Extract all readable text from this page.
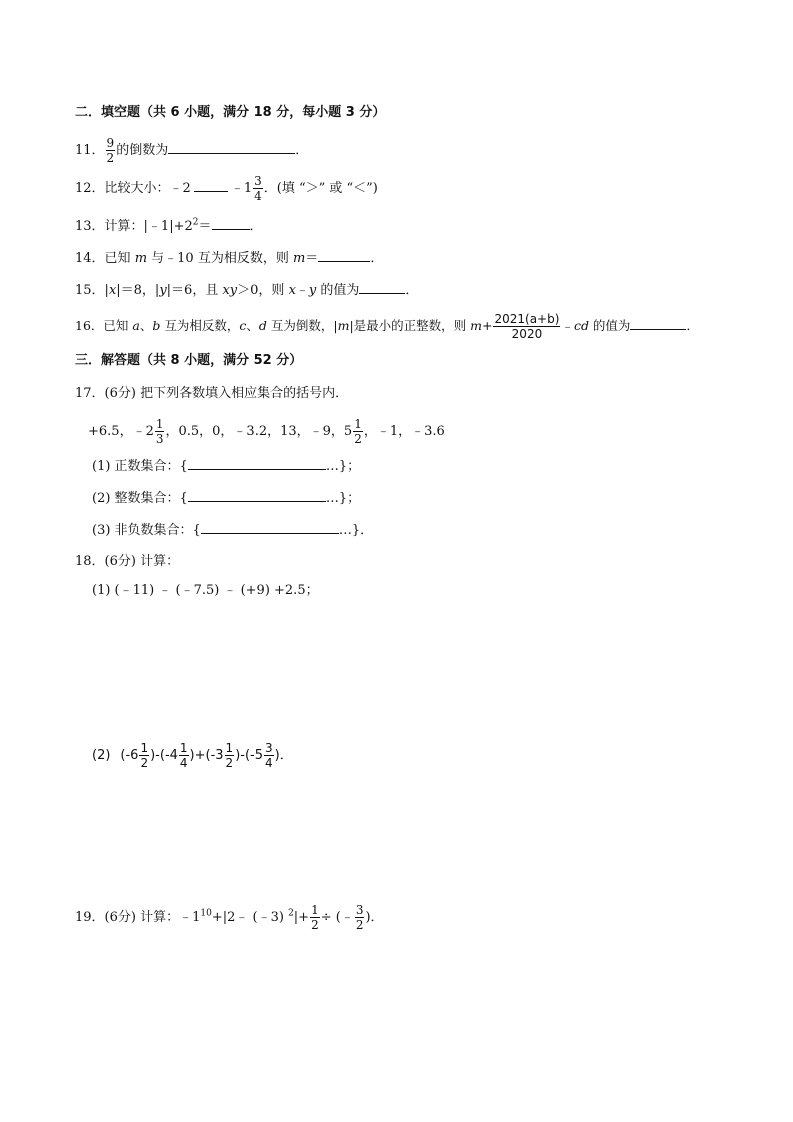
二．填空题（共 6 小题，满分 18 分，每小题 3 分）
11． $\frac{9}{2}$ 的倒数为	．
12．比较大小：﹣2	﹣1 $\frac{3}{4}$ ．(填 “＞” 或 “＜”)
13．计算：$|﹣1|+2^2=$	．
14．已知 m 与﹣10 互为相反数，则 m＝	．
15．|x|＝8，|y|＝6，且 xy＞0，则 x﹣y 的值为	．
16．已知 a、b 互为相反数，c、d 互为倒数，|m|是最小的正整数，则 $m+ \frac{2021(a+b)}{2020}$ ﹣cd 的值为	．
三．解答题（共 8 小题，满分 52 分）
17．(6分) 把下列各数填入相应集合的括号内．
+6.5，﹣2 $\frac{1}{3}$ ，0.5，0，﹣3.2，13，﹣9，$5 \frac{1}{2}$ ，﹣1，﹣3.6
(1) 正数集合：{	…}；
(2) 整数集合：{	…}；
(3) 非负数集合：{	…}．
18．(6分) 计算：
(1) (﹣11) ﹣ (﹣7.5) ﹣ (+9) +2.5；
(2) $(-6 \frac{1}{2} )-(-4 \frac{1}{4} )+(-3 \frac{1}{2} )-(-5 \frac{3}{4}$ )．
19．(6分) 计算：$﹣1^{10}+|2﹣$ (﹣3) $^2|+ \frac{1}{2}$ ÷ (﹣ $\frac{3}{2}$ )．
